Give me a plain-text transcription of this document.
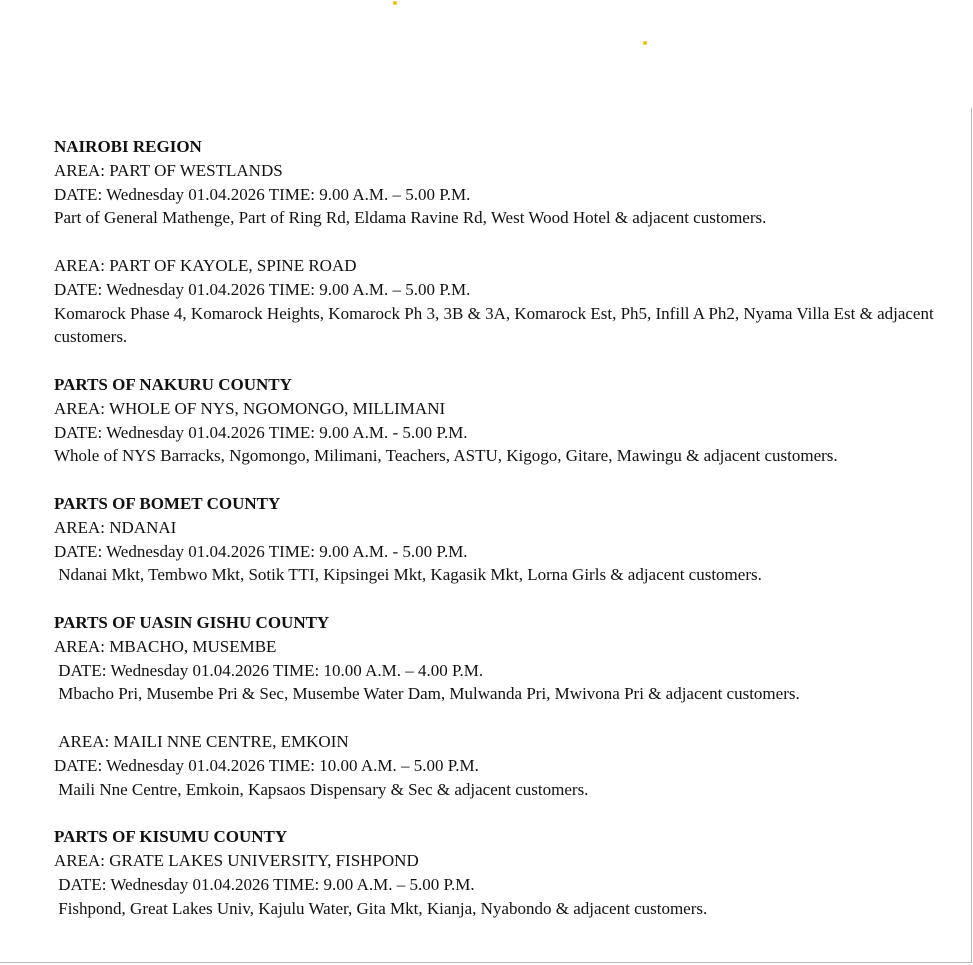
NAIROBI REGION
AREA: PART OF WESTLANDS
DATE: Wednesday 01.04.2026 TIME: 9.00 A.M. – 5.00 P.M.
Part of General Mathenge, Part of Ring Rd, Eldama Ravine Rd, West Wood Hotel & adjacent customers.
AREA: PART OF KAYOLE, SPINE ROAD
DATE: Wednesday 01.04.2026 TIME: 9.00 A.M. – 5.00 P.M.
Komarock Phase 4, Komarock Heights, Komarock Ph 3, 3B & 3A, Komarock Est, Ph5, Infill A Ph2, Nyama Villa Est & adjacent customers.
PARTS OF NAKURU COUNTY
AREA: WHOLE OF NYS, NGOMONGO, MILLIMANI
DATE: Wednesday 01.04.2026 TIME: 9.00 A.M. - 5.00 P.M.
Whole of NYS Barracks, Ngomongo, Milimani, Teachers, ASTU, Kigogo, Gitare, Mawingu & adjacent customers.
PARTS OF BOMET COUNTY
AREA: NDANAI
DATE: Wednesday 01.04.2026 TIME: 9.00 A.M. - 5.00 P.M.
Ndanai Mkt, Tembwo Mkt, Sotik TTI, Kipsingei Mkt, Kagasik Mkt, Lorna Girls & adjacent customers.
PARTS OF UASIN GISHU COUNTY
AREA: MBACHO, MUSEMBE
DATE: Wednesday 01.04.2026 TIME: 10.00 A.M. – 4.00 P.M.
Mbacho Pri, Musembe Pri & Sec, Musembe Water Dam, Mulwanda Pri, Mwivona Pri & adjacent customers.
AREA: MAILI NNE CENTRE, EMKOIN
DATE: Wednesday 01.04.2026 TIME: 10.00 A.M. – 5.00 P.M.
Maili Nne Centre, Emkoin, Kapsaos Dispensary & Sec & adjacent customers.
PARTS OF KISUMU COUNTY
AREA: GRATE LAKES UNIVERSITY, FISHPOND
DATE: Wednesday 01.04.2026 TIME: 9.00 A.M. – 5.00 P.M.
Fishpond, Great Lakes Univ, Kajulu Water, Gita Mkt, Kianja, Nyabondo & adjacent customers.
